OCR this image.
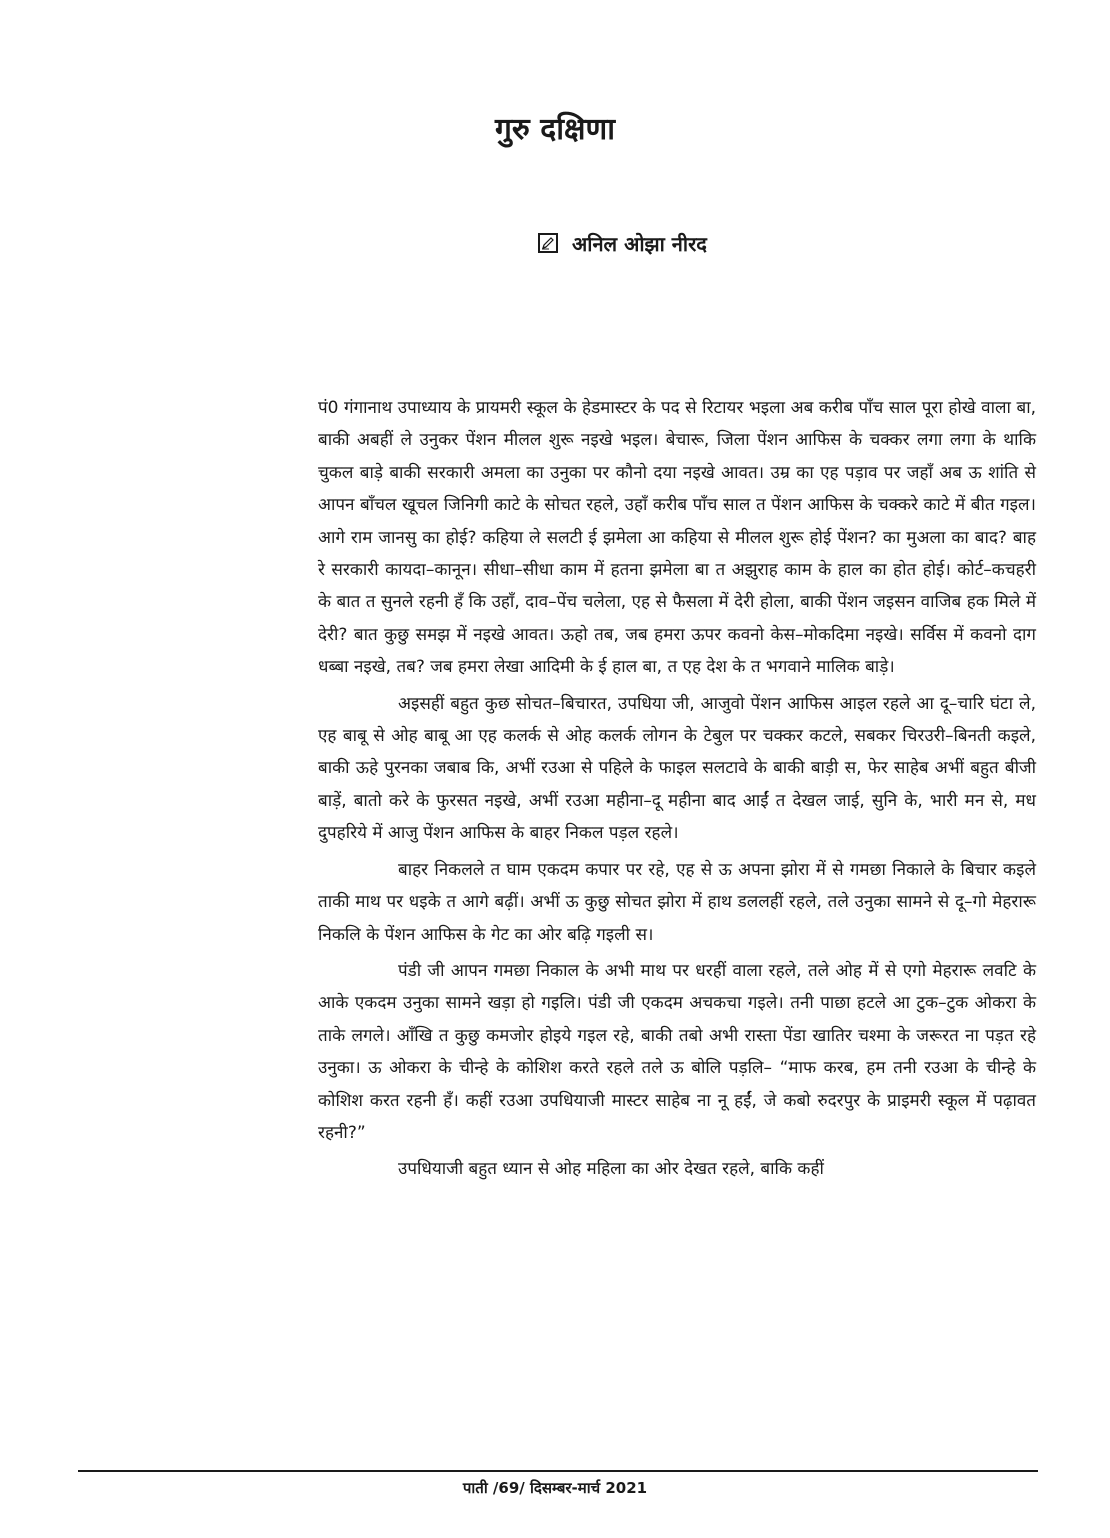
गुरु दक्षिणा
अनिल ओझा नीरद

पं0 गंगानाथ उपाध्याय के प्रायमरी स्कूल के हेडमास्टर के पद से रिटायर भइला अब करीब पाँच साल पूरा होखे वाला बा, बाकी अबहीं ले उनुकर पेंशन मीलल शुरू नइखे भइल। बेचारू, जिला पेंशन आफिस के चक्कर लगा लगा के थाकि चुकल बाड़े बाकी सरकारी अमला का उनुका पर कौनो दया नइखे आवत। उम्र का एह पड़ाव पर जहाँ अब ऊ शांति से आपन बाँचल खूचल जिनिगी काटे के सोचत रहले, उहाँ करीब पाँच साल त पेंशन आफिस के चक्करे काटे में बीत गइल। आगे राम जानसु का होई? कहिया ले सलटी ई झमेला आ कहिया से मीलल शुरू होई पेंशन? का मुअला का बाद? बाह रे सरकारी कायदा–कानून। सीधा–सीधा काम में हतना झमेला बा त अझुराह काम के हाल का होत होई। कोर्ट–कचहरी के बात त सुनले रहनी हँ कि उहाँ, दाव–पेंच चलेला, एह से फैसला में देरी होला, बाकी पेंशन जइसन वाजिब हक मिले में देरी? बात कुछु समझ में नइखे आवत। ऊहो तब, जब हमरा ऊपर कवनो केस–मोकदिमा नइखे। सर्विस में कवनो दाग धब्बा नइखे, तब? जब हमरा लेखा आदिमी के ई हाल बा, त एह देश के त भगवाने मालिक बाड़े।

अइसहीं बहुत कुछ सोचत–बिचारत, उपधिया जी, आजुवो पेंशन आफिस आइल रहले आ दू–चारि घंटा ले, एह बाबू से ओह बाबू आ एह कलर्क से ओह कलर्क लोगन के टेबुल पर चक्कर कटले, सबकर चिरउरी–बिनती कइले, बाकी ऊहे पुरनका जबाब कि, अभीं रउआ से पहिले के फाइल सलटावे के बाकी बाड़ी स, फेर साहेब अभीं बहुत बीजी बाड़ें, बातो करे के फुरसत नइखे, अभीं रउआ महीना–दू महीना बाद आईं त देखल जाई, सुनि के, भारी मन से, मध दुपहरिये में आजु पेंशन आफिस के बाहर निकल पड़ल रहले।

बाहर निकलले त घाम एकदम कपार पर रहे, एह से ऊ अपना झोरा में से गमछा निकाले के बिचार कइले ताकी माथ पर धइके त आगे बढ़ीं। अभीं ऊ कुछु सोचत झोरा में हाथ डललहीं रहले, तले उनुका सामने से दू–गो मेहरारू निकलि के पेंशन आफिस के गेट का ओर बढ़ि गइली स।

पंडी जी आपन गमछा निकाल के अभी माथ पर धरहीं वाला रहले, तले ओह में से एगो मेहरारू लवटि के आके एकदम उनुका सामने खड़ा हो गइलि। पंडी जी एकदम अचकचा गइले। तनी पाछा हटले आ टुक–टुक ओकरा के ताके लगले। आँखि त कुछु कमजोर होइये गइल रहे, बाकी तबो अभी रास्ता पेंडा खातिर चश्मा के जरूरत ना पड़त रहे उनुका। ऊ ओकरा के चीन्हे के कोशिश करते रहले तले ऊ बोलि पड़लि– “माफ करब, हम तनी रउआ के चीन्हे के कोशिश करत रहनी हँ। कहीं रउआ उपधियाजी मास्टर साहेब ना नू हईं, जे कबो रुदरपुर के प्राइमरी स्कूल में पढ़ावत रहनी?”

उपधियाजी बहुत ध्यान से ओह महिला का ओर देखत रहले, बाकि कहीं

पाती /69/ दिसम्बर-मार्च 2021
